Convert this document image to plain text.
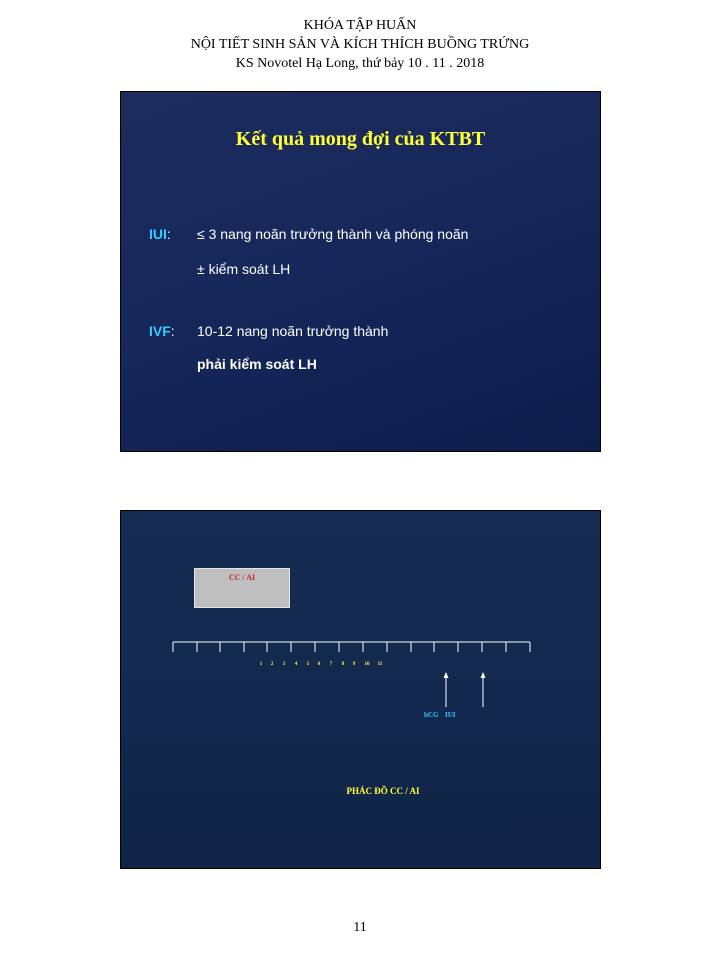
KHÓA TẬP HUẤN
NỘI TIẾT SINH SẢN VÀ KÍCH THÍCH BUỒNG TRỨNG
KS Novotel Hạ Long, thứ bảy 10 . 11 . 2018
Kết quả mong đợi của KTBT
IUI: ≤ 3 nang noãn trưởng thành và phóng noãn
± kiểm soát LH
IVF: 10-12 nang noãn trưởng thành
phải kiểm soát LH
CC / AI
1 2 3 4 5 6 7 8 9 10 11
hCG IUI
PHÁC ĐỒ CC / AI
11
